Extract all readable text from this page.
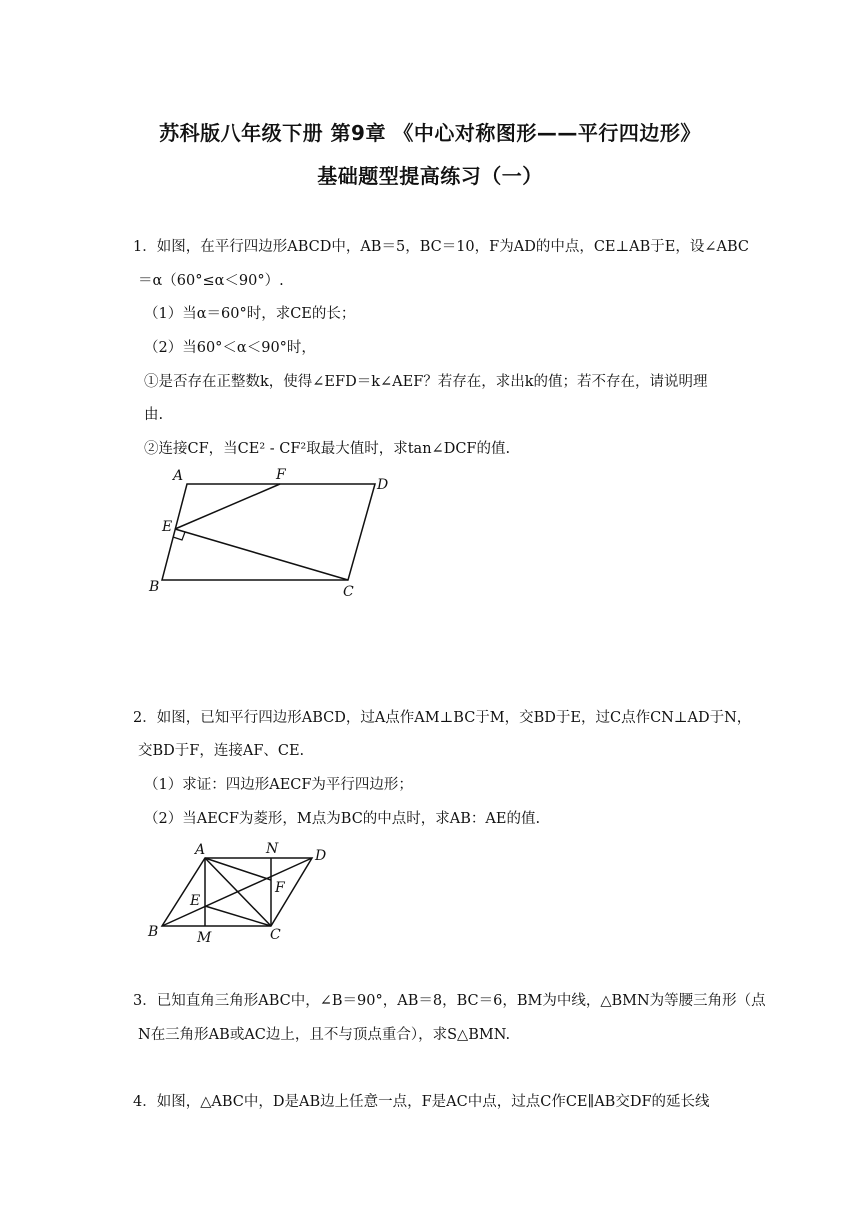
苏科版八年级下册 第9章 《中心对称图形——平行四边形》
基础题型提高练习（一）
1．如图，在平行四边形ABCD中，AB＝5，BC＝10，F为AD的中点，CE⊥AB于E，设∠ABC
＝α（60°≤α＜90°）.
（1）当α＝60°时，求CE的长；
（2）当60°＜α＜90°时，
①是否存在正整数k，使得∠EFD＝k∠AEF？若存在，求出k的值；若不存在，请说明理
由.
②连接CF，当CE² - CF²取最大值时，求tan∠DCF的值.
A	F
D
E
B	C
2．如图，已知平行四边形ABCD，过A点作AM⊥BC于M，交BD于E，过C点作CN⊥AD于N，
交BD于F，连接AF、CE.
（1）求证：四边形AECF为平行四边形；
（2）当AECF为菱形，M点为BC的中点时，求AB：AE的值.
A	N	D
E
F
B	M	C
3．已知直角三角形ABC中，∠B＝90°，AB＝8，BC＝6，BM为中线，△BMN为等腰三角形（点
N在三角形AB或AC边上，且不与顶点重合），求S△BMN.
4．如图，△ABC中，D是AB边上任意一点，F是AC中点，过点C作CE∥AB交DF的延长线
